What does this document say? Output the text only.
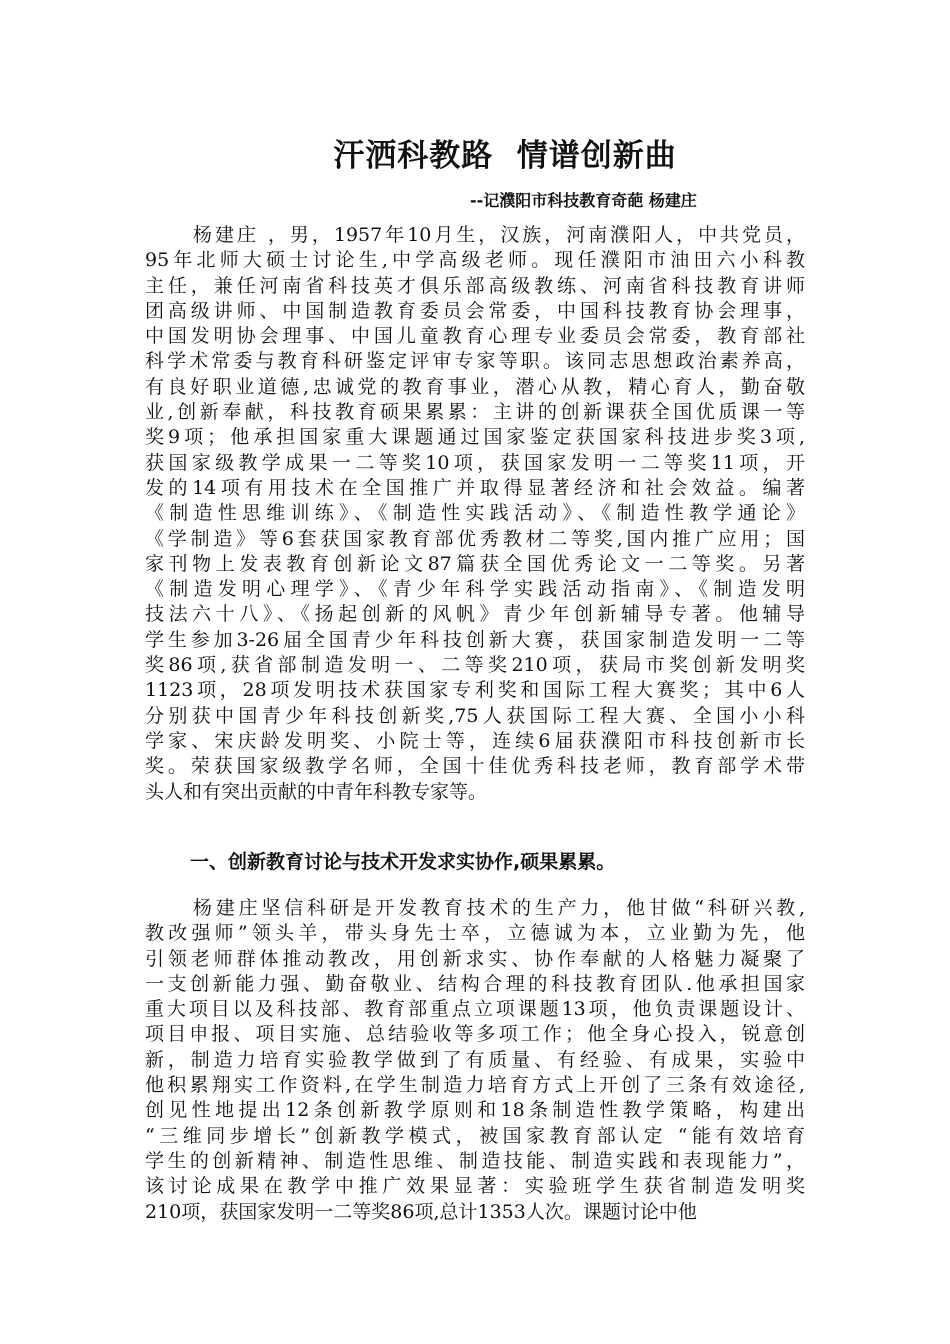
汗洒科教路  情谱创新曲
--记濮阳市科技教育奇葩 杨建庄
杨建庄 ，男，1957年10月生，汉族，河南濮阳人，中共党员，
95年北师大硕士讨论生,中学高级老师。现任濮阳市油田六小科教
主任，兼任河南省科技英才俱乐部高级教练、河南省科技教育讲师
团高级讲师、中国制造教育委员会常委，中国科技教育协会理事，
中国发明协会理事、中国儿童教育心理专业委员会常委，教育部社
科学术常委与教育科研鉴定评审专家等职。该同志思想政治素养高，
有良好职业道德,忠诚党的教育事业，潜心从教，精心育人，勤奋敬
业,创新奉献，科技教育硕果累累：主讲的创新课获全国优质课一等
奖9项；他承担国家重大课题通过国家鉴定获国家科技进步奖3项,
获国家级教学成果一二等奖10项，获国家发明一二等奖11项，开
发的14项有用技术在全国推广并取得显著经济和社会效益。编著
《制造性思维训练》、《制造性实践活动》、《制造性教学通论》
《学制造》等6套获国家教育部优秀教材二等奖,国内推广应用；国
家刊物上发表教育创新论文87篇获全国优秀论文一二等奖。另著
《制造发明心理学》、《青少年科学实践活动指南》、《制造发明
技法六十八》、《扬起创新的风帆》青少年创新辅导专著。他辅导
学生参加3-26届全国青少年科技创新大赛，获国家制造发明一二等
奖86项,获省部制造发明一、二等奖210项，获局市奖创新发明奖
1123项，28项发明技术获国家专利奖和国际工程大赛奖；其中6人
分别获中国青少年科技创新奖,75人获国际工程大赛、全国小小科
学家、宋庆龄发明奖、小院士等，连续6届获濮阳市科技创新市长
奖。荣获国家级教学名师，全国十佳优秀科技老师，教育部学术带
头人和有突出贡献的中青年科教专家等。
一、创新教育讨论与技术开发求实协作,硕果累累。
杨建庄坚信科研是开发教育技术的生产力，他甘做“科研兴教,
教改强师”领头羊，带头身先士卒，立德诚为本，立业勤为先，他
引领老师群体推动教改，用创新求实、协作奉献的人格魅力凝聚了
一支创新能力强、勤奋敬业、结构合理的科技教育团队.他承担国家
重大项目以及科技部、教育部重点立项课题13项，他负责课题设计、
项目申报、项目实施、总结验收等多项工作；他全身心投入，锐意创
新，制造力培育实验教学做到了有质量、有经验、有成果，实验中
他积累翔实工作资料,在学生制造力培育方式上开创了三条有效途径,
创见性地提出12条创新教学原则和18条制造性教学策略，构建出
“三维同步增长”创新教学模式，被国家教育部认定 “能有效培育
学生的创新精神、制造性思维、制造技能、制造实践和表现能力”，
该讨论成果在教学中推广效果显著：实验班学生获省制造发明奖
210项，获国家发明一二等奖86项,总计1353人次。课题讨论中他
